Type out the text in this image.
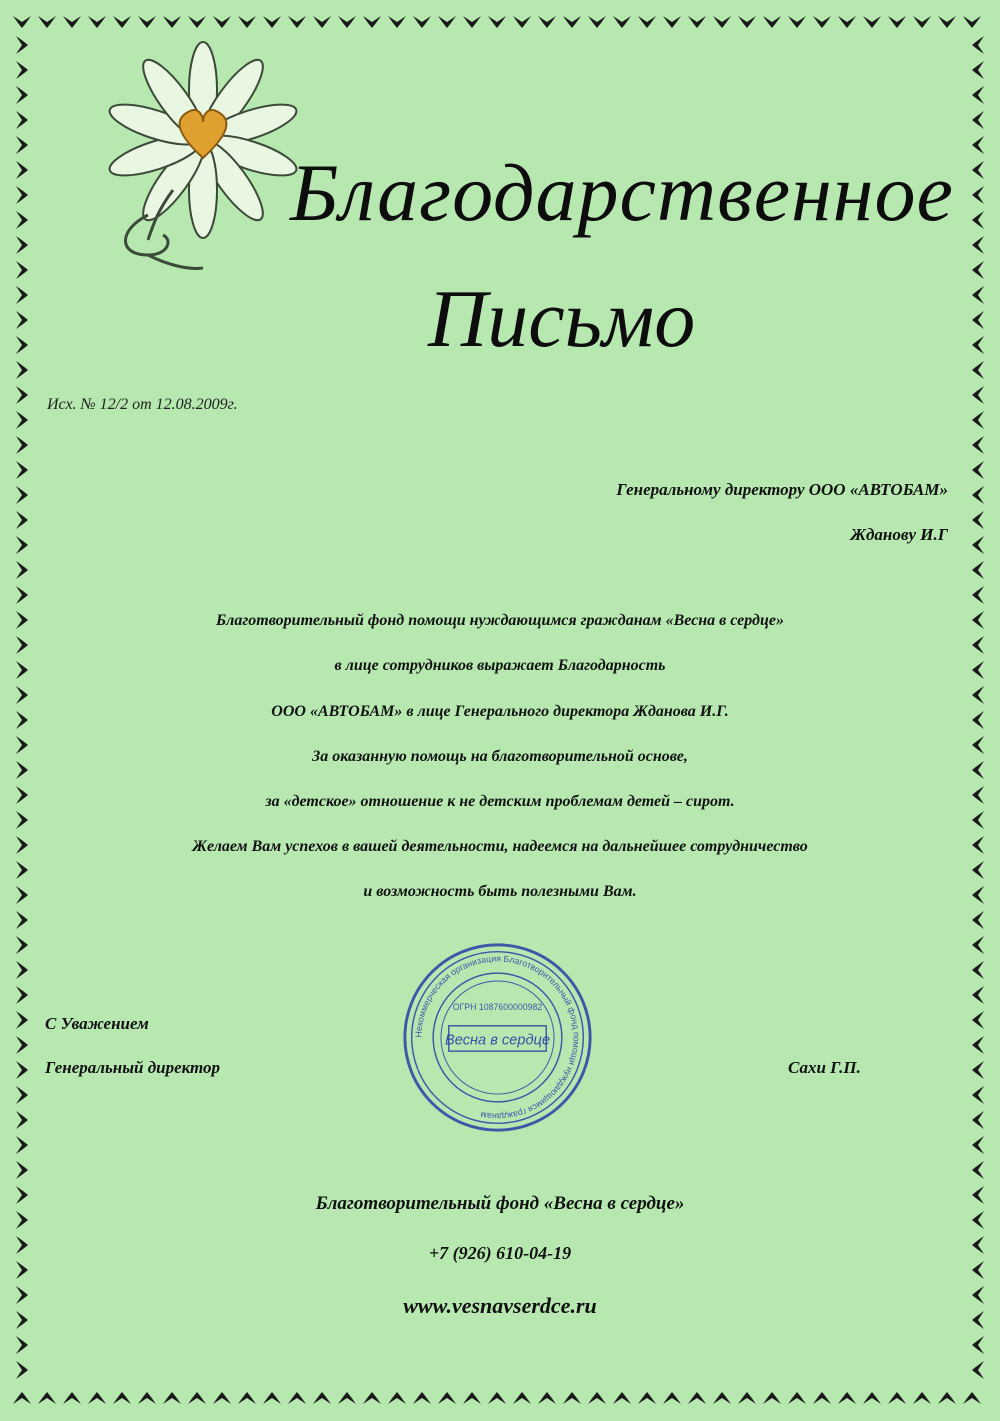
Благодарственное
Письмо
Исх. № 12/2 от 12.08.2009г.
Генеральному директору ООО «АВТОБАМ»
Жданову И.Г
Благотворительный фонд помощи нуждающимся гражданам «Весна в сердце»
в лице сотрудников выражает Благодарность
ООО «АВТОБАМ» в лице Генерального директора Жданова И.Г.
За оказанную помощь на благотворительной основе,
за «детское» отношение к не детским проблемам детей – сирот.
Желаем Вам успехов в вашей деятельности, надеемся на дальнейшее сотрудничество
и возможность быть полезными Вам.
С Уважением
Генеральный директор	Сахи Г.П.
Некоммерческая организация Благотворительный фонд помощи нуждающимся гражданам
ОГРН 1087600000982
Весна в сердце
Благотворительный фонд «Весна в сердце»
+7 (926) 610-04-19
www.vesnavserdce.ru
